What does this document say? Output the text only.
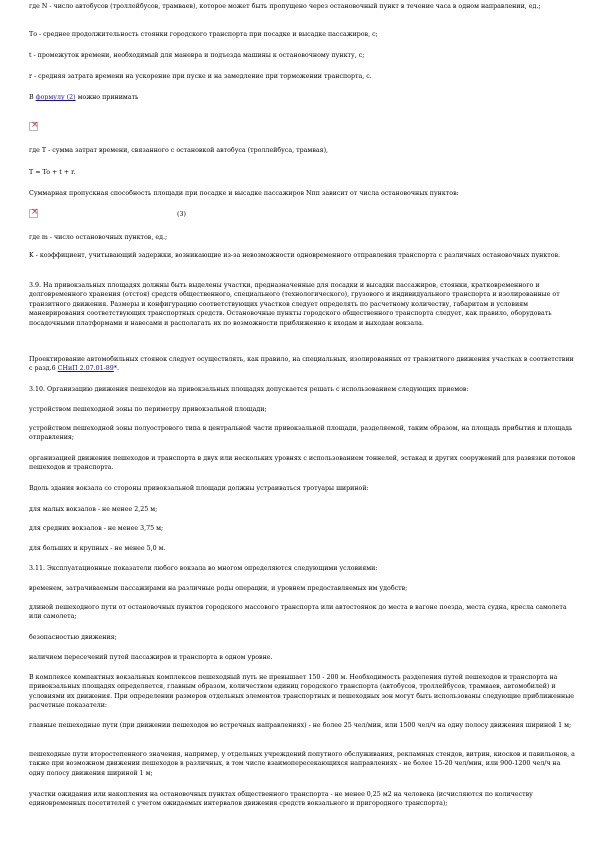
где N - число автобусов (троллейбусов, трамваев), которое может быть пропущено через остановочный пункт в течение часа в одном направлении, ед.;
То - среднее продолжительность стоянки городского транспорта при посадке и высадке пассажиров, с;
t - промежуток времени, необходимый для маневра и подъезда машины к остановочному пункту, с;
r - средняя затрата времени на ускорение при пуске и на замедление при торможении транспорта, с.
В формулу (2) можно принимать
×
где T - сумма затрат времени, связанного с остановкой автобуса (троллейбуса, трамвая),
T = To + t + r.
Суммарная пропускная способность площади при посадке и высадке пассажиров Nпп зависит от числа остановочных пунктов:
×
(3)
где m - число остановочных пунктов, ед.;
K - коэффициент, учитывающий задержки, возникающие из-за невозможности одновременного отправления транспорта с различных остановочных пунктов.
3.9. На привокзальных площадях должны быть выделены участки, предназначенные для посадки и высадки пассажиров, стоянки, кратковременного и долговременного хранения (отстоя) средств общественного, специального (технологического), грузового и индивидуального транспорта и изолированные от транзитного движения. Размеры и конфигурацию соответствующих участков следует определять по расчетному количеству, габаритам и условиям маневрирования соответствующих транспортных средств. Остановочные пункты городского общественного транспорта следует, как правило, оборудовать посадочными платформами и навесами и располагать их по возможности приближенно к входам и выходам вокзала.
Проектирование автомобильных стоянок следует осуществлять, как правило, на специальных, изолированных от транзитного движения участках в соответствии с разд.6 СНиП 2.07.01-89*.
3.10. Организацию движения пешеходов на привокзальных площадях допускается решать с использованием следующих приемов:
устройством пешеходной зоны по периметру привокзальной площади;
устройством пешеходной зоны полуострового типа в центральной части привокзальной площади, разделяемой, таким образом, на площадь прибытия и площадь отправления;
организацией движения пешеходов и транспорта в двух или нескольких уровнях с использованием тоннелей, эстакад и других сооружений для развязки потоков пешеходов и транспорта.
Вдоль здания вокзала со стороны привокзальной площади должны устраиваться тротуары шириной:
для малых вокзалов - не менее 2,25 м;
для средних вокзалов - не менее 3,75 м;
для больших и крупных - не менее 5,0 м.
3.11. Эксплуатационные показатели любого вокзала во многом определяются следующими условиями:
временем, затрачиваемым пассажирами на различные роды операции, и уровнем предоставляемых им удобств;
длиной пешеходного пути от остановочных пунктов городского массового транспорта или автостоянок до места в вагоне поезда, места судна, кресла самолета или самолета;
безопасностью движения;
наличием пересечений путей пассажиров и транспорта в одном уровне.
В комплексе компактных вокзальных комплексов пешеходный путь не превышает 150 - 200 м. Необходимость разделения путей пешеходов и транспорта на привокзальных площадях определяется, главным образом, количеством единиц городского транспорта (автобусов, троллейбусов, трамваев, автомобилей) и условиями их движения. При определении размеров отдельных элементов транспортных и пешеходных зон могут быть использованы следующие приближенные расчетные показатели:
главные пешеходные пути (при движении пешеходов во встречных направлениях) - не более 25 чел/мин, или 1500 чел/ч на одну полосу движения шириной 1 м;
пешеходные пути второстепенного значения, например, у отдельных учреждений попутного обслуживания, рекламных стендов, витрин, киосков и павильонов, а также при возможном движении пешеходов в различных, в том числе взаимопересекающихся направлениях - не более 15-20 чел/мин, или 900-1200 чел/ч на одну полосу движения шириной 1 м;
участки ожидания или накопления на остановочных пунктах общественного транспорта - не менее 0,25 м2 на человека (исчисляются по количеству единовременных посетителей с учетом ожидаемых интервалов движения средств вокзального и пригородного транспорта);
